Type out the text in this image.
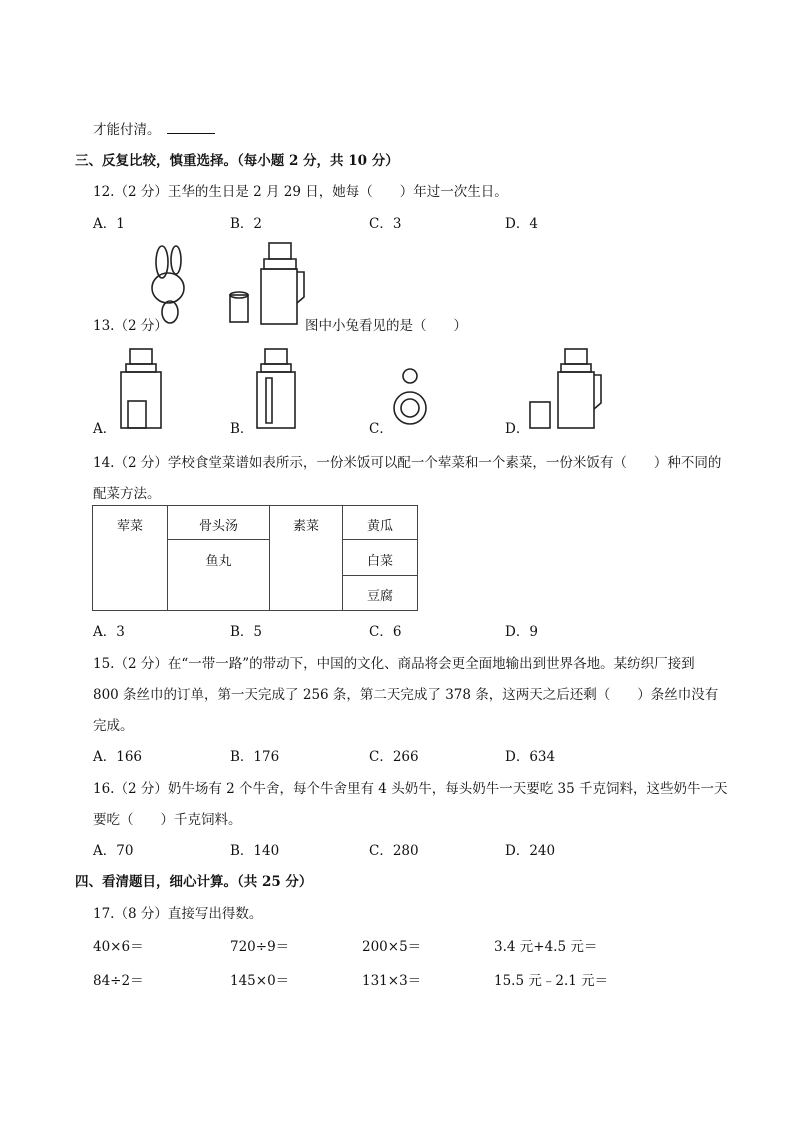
才能付清。
三、反复比较，慎重选择。（每小题 2 分，共 10 分）
12.（2 分）王华的生日是 2 月 29 日，她每（　　）年过一次生日。
A．1	B．2	C．3	D．4
13.（2 分）	图中小兔看见的是（　　）
A．	B．	C．	D．
14.（2 分）学校食堂菜谱如表所示，一份米饭可以配一个荤菜和一个素菜，一份米饭有（　　）种不同的
配菜方法。
荤菜	骨头汤	素菜	黄瓜
	鱼丸		白菜
			豆腐
A．3	B．5	C．6	D．9
15.（2 分）在“一带一路”的带动下，中国的文化、商品将会更全面地输出到世界各地。某纺织厂接到
800 条丝巾的订单，第一天完成了 256 条，第二天完成了 378 条，这两天之后还剩（　　）条丝巾没有
完成。
A．166	B．176	C．266	D．634
16.（2 分）奶牛场有 2 个牛舍，每个牛舍里有 4 头奶牛，每头奶牛一天要吃 35 千克饲料，这些奶牛一天
要吃（　　）千克饲料。
A．70	B．140	C．280	D．240
四、看清题目，细心计算。（共 25 分）
17.（8 分）直接写出得数。
40×6＝	720÷9＝	200×5＝	3.4 元+4.5 元＝
84÷2＝	145×0＝	131×3＝	15.5 元﹣2.1 元＝
